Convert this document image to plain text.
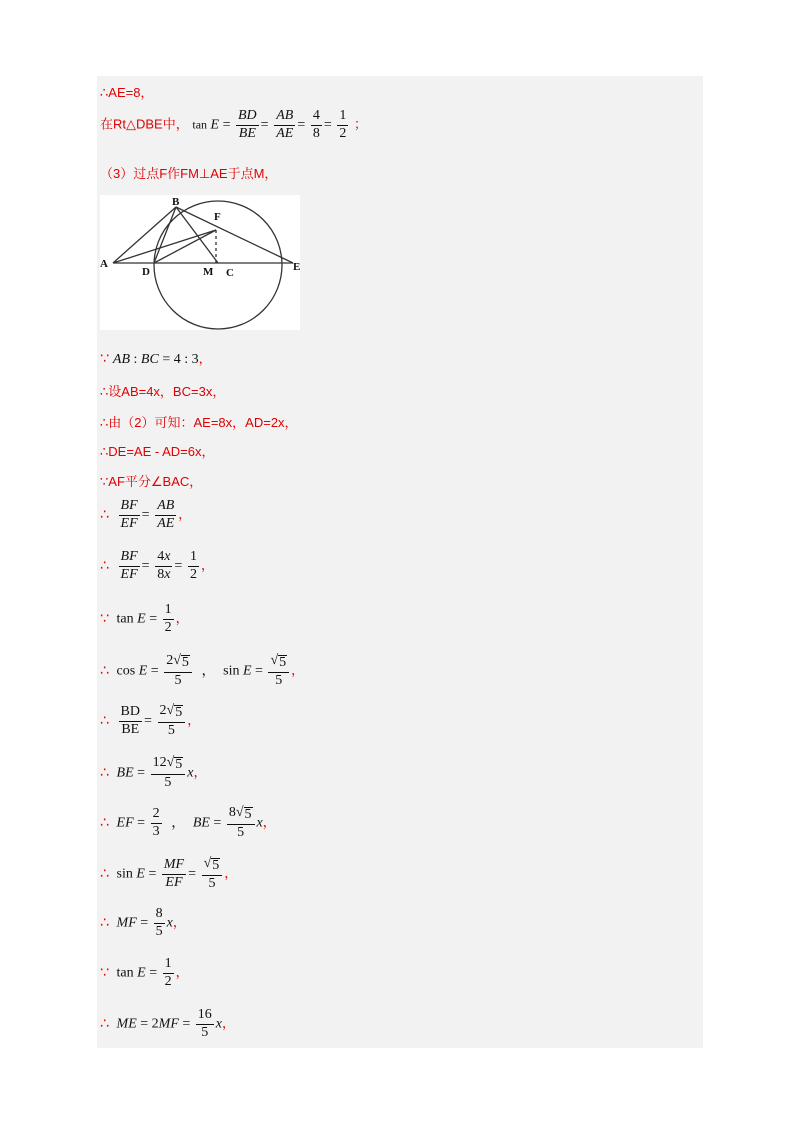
∴AE=8，
在Rt△DBE中， $\tan E = \frac{BD}{BE} = \frac{AB}{AE} = \frac{4}{8} = \frac{1}{2}$ ；
（3）过点F作FM⊥AE于点M，
A
B
F
D	M C	E
∵ AB : BC = 4 : 3，
∴设AB=4x，BC=3x，
∴由（2）可知：AE=8x，AD=2x，
∴DE=AE - AD=6x，
∵AF平分∠BAC，
∴ $\frac{BF}{EF} = \frac{AB}{AE}$ ，
∴ $\frac{BF}{EF} = \frac{4x}{8x} = \frac{1}{2}$ ，
∵ $\tan E = \frac{1}{2}$ ，
∴ $\cos E = \frac{2√ 5}{5}$ ， $\sin E = \frac{√ 5}{5}$ ，
∴ $\frac{BD}{BE} = \frac{2√ 5}{5}$ ，
∴ BE = $\frac{12√ 5}{5}$ x，
∴ EF = $\frac{2}{3}$ ， BE = $\frac{8√ 5}{5}$ x，
∴ $\sin E = \frac{MF}{EF} = \frac{√ 5}{5}$ ，
∴ MF = $\frac{8}{5}$ x，
∵ $\tan E = \frac{1}{2}$ ，
∴ ME = $2MF = \frac{16}{5}$ x，
